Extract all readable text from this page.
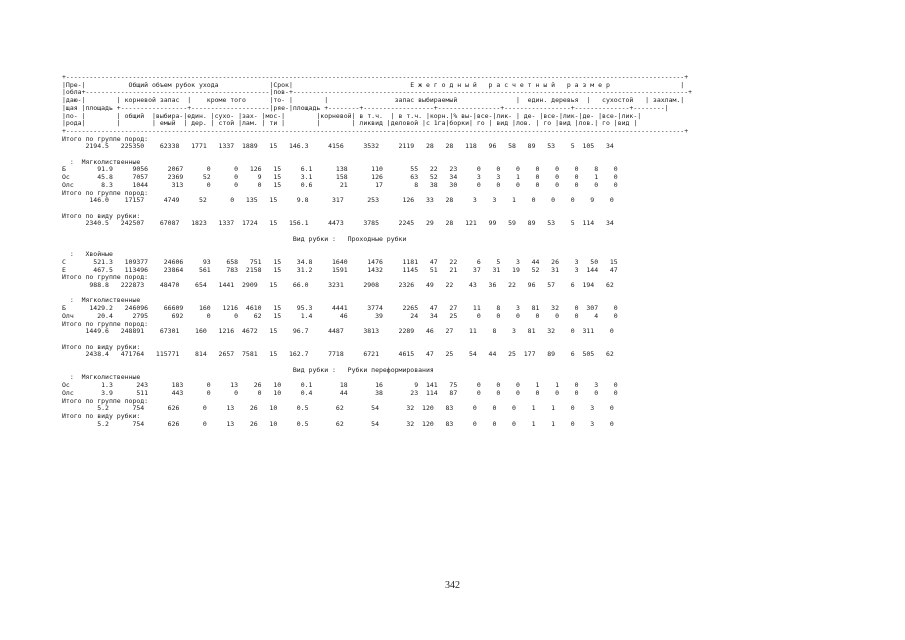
+--------------------------------------------------------------------------------------------------------------------------------------------------------------+
|Пре-|           Общий объем рубок ухода             |Срок|                              Е ж е г о д н ы й   р а с ч е т н ы й   р а з м е р                  |
|обла+-----------------------------------------------|пов-+-----------------------------------------------------------------------------------------------------+
|даю-|        | корневой запас  |    кроме того      |то- |        |                 запас выбираемый               |  един. деревья  |   сухостой   | захлам.|
|щая |площадь +-----------------+--------------------|ряе-|площадь +--------+------------------+----------------+-----------------+--------------+--------|
|по- |        | общий  |выбира-|един. |сухо- |зах- |мос-|        |корневой| в т.ч.  | в т.ч. |корн.|% вы-|всe-|лик- | де- |всe-|лик-|де- |всe-|лик-|
|рода|        |        | емый  | дер. | стой |лам. | ти |        |        | ликвид |деловой |с 1га|борки| го | вид |лов. | го |вид |лов.| го |вид |
+--------------------------------------------------------------------------------------------------------------------------------------------------------------+

Итого по группе пород:
2194.5   225350    62338   1771   1337  1889   15   146.3     4156     3532     2119   28   28   118   96   58   89   53    5  105   34

:  Мягколиственные
Б        91.9     9056     2067      0      0   126   15     6.1      138      110       55   22   23     0    0    0    0    0    0    8    0
Ос       45.8     7057     2369     52      0     9   15     3.1      158      126       63   52   34     3    3    1    0    0    0    1    0
Олс       8.3     1044      313      0      0     0   15     0.6       21       17        8   38   30     0    0    0    0    0    0    0    0
Итого по группе пород:
146.0    17157     4749     52      0   135   15     9.8      317      253      126   33   28     3    3    1    0    0    0    9    0

Итого по виду рубки:
2340.5   242507    67087   1823   1337  1724   15   156.1     4473     3785     2245   29   28   121   99   59   89   53    5  114   34

Вид рубки :   Проходные рубки

:   Хвойные
С       521.3   109377    24606     93    658   751   15    34.8     1640     1476     1181   47   22     6    5    3   44   26    3   50   15
Е       467.5   113496    23864    561    783  2158   15    31.2     1591     1432     1145   51   21    37   31   19   52   31    3  144   47
Итого по группе пород:
988.8   222873    48470    654   1441  2909   15    66.0     3231     2908     2326   49   22    43   36   22   96   57    6  194   62

:  Мягколиственные
Б      1429.2   246096    66609    160   1216  4610   15    95.3     4441     3774     2265   47   27    11    8    3   81   32    0  307    0
Олч      20.4     2795      692      0      0    62   15     1.4       46       39       24   34   25     0    0    0    0    0    0    4    0
Итого по группе пород:
1449.6   248891    67301    160   1216  4672   15    96.7     4487     3813     2289   46   27    11    8    3   81   32    0  311    0

Итого по виду рубки:
2438.4   471764   115771    814   2657  7581   15   162.7     7718     6721     4615   47   25    54   44   25  177   89    6  505   62

Вид рубки :   Рубки переформирования
:  Мягколиственные
Ос        1.3      243      183      0     13    26   10     0.1       18       16        9  141   75     0    0    0    1    1    0    3    0
Олс       3.9      511      443      0      0     0   10     0.4       44       38       23  114   87     0    0    0    0    0    0    0    0
Итого по группе пород:
5.2      754      626      0     13    26   10     0.5       62       54       32  120   83     0    0    0    1    1    0    3    0
Итого по виду рубки:
5.2      754      626      0     13    26   10     0.5       62       54       32  120   83     0    0    0    1    1    0    3    0

342
